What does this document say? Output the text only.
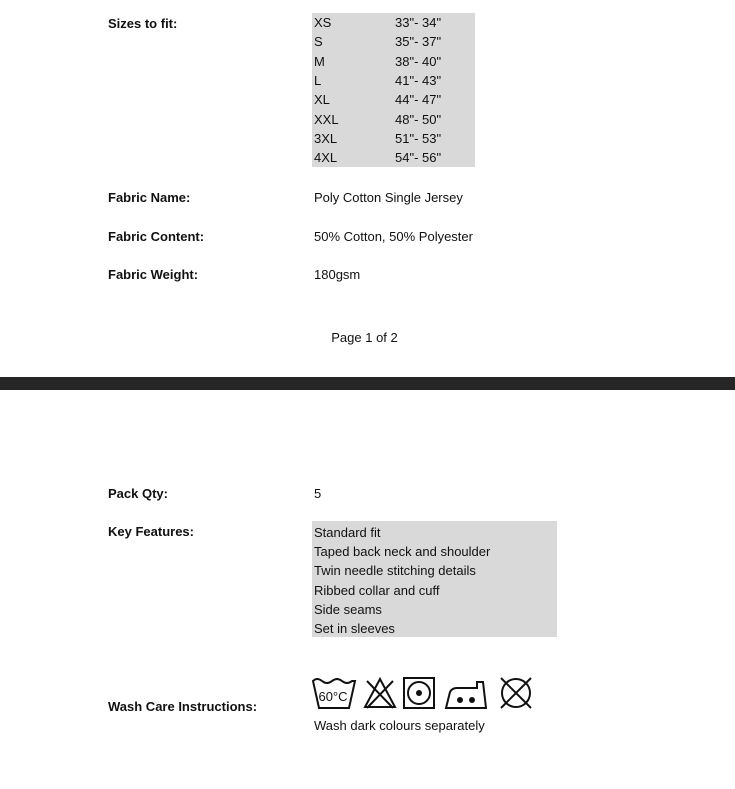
Sizes to fit:	XS	33"- 34"
S	35"- 37"
M	38"- 40"
L	41"- 43"
XL	44"- 47"
XXL	48"- 50"
3XL	51"- 53"
4XL	54"- 56"
Fabric Name:	Poly Cotton Single Jersey
Fabric Content:	50% Cotton, 50% Polyester
Fabric Weight:	180gsm
Page 1 of 2
Pack Qty:	5
Key Features:	Standard fit
Taped back neck and shoulder
Twin needle stitching details
Ribbed collar and cuff
Side seams
Set in sleeves
Wash Care Instructions:
60°C
Wash dark colours separately
